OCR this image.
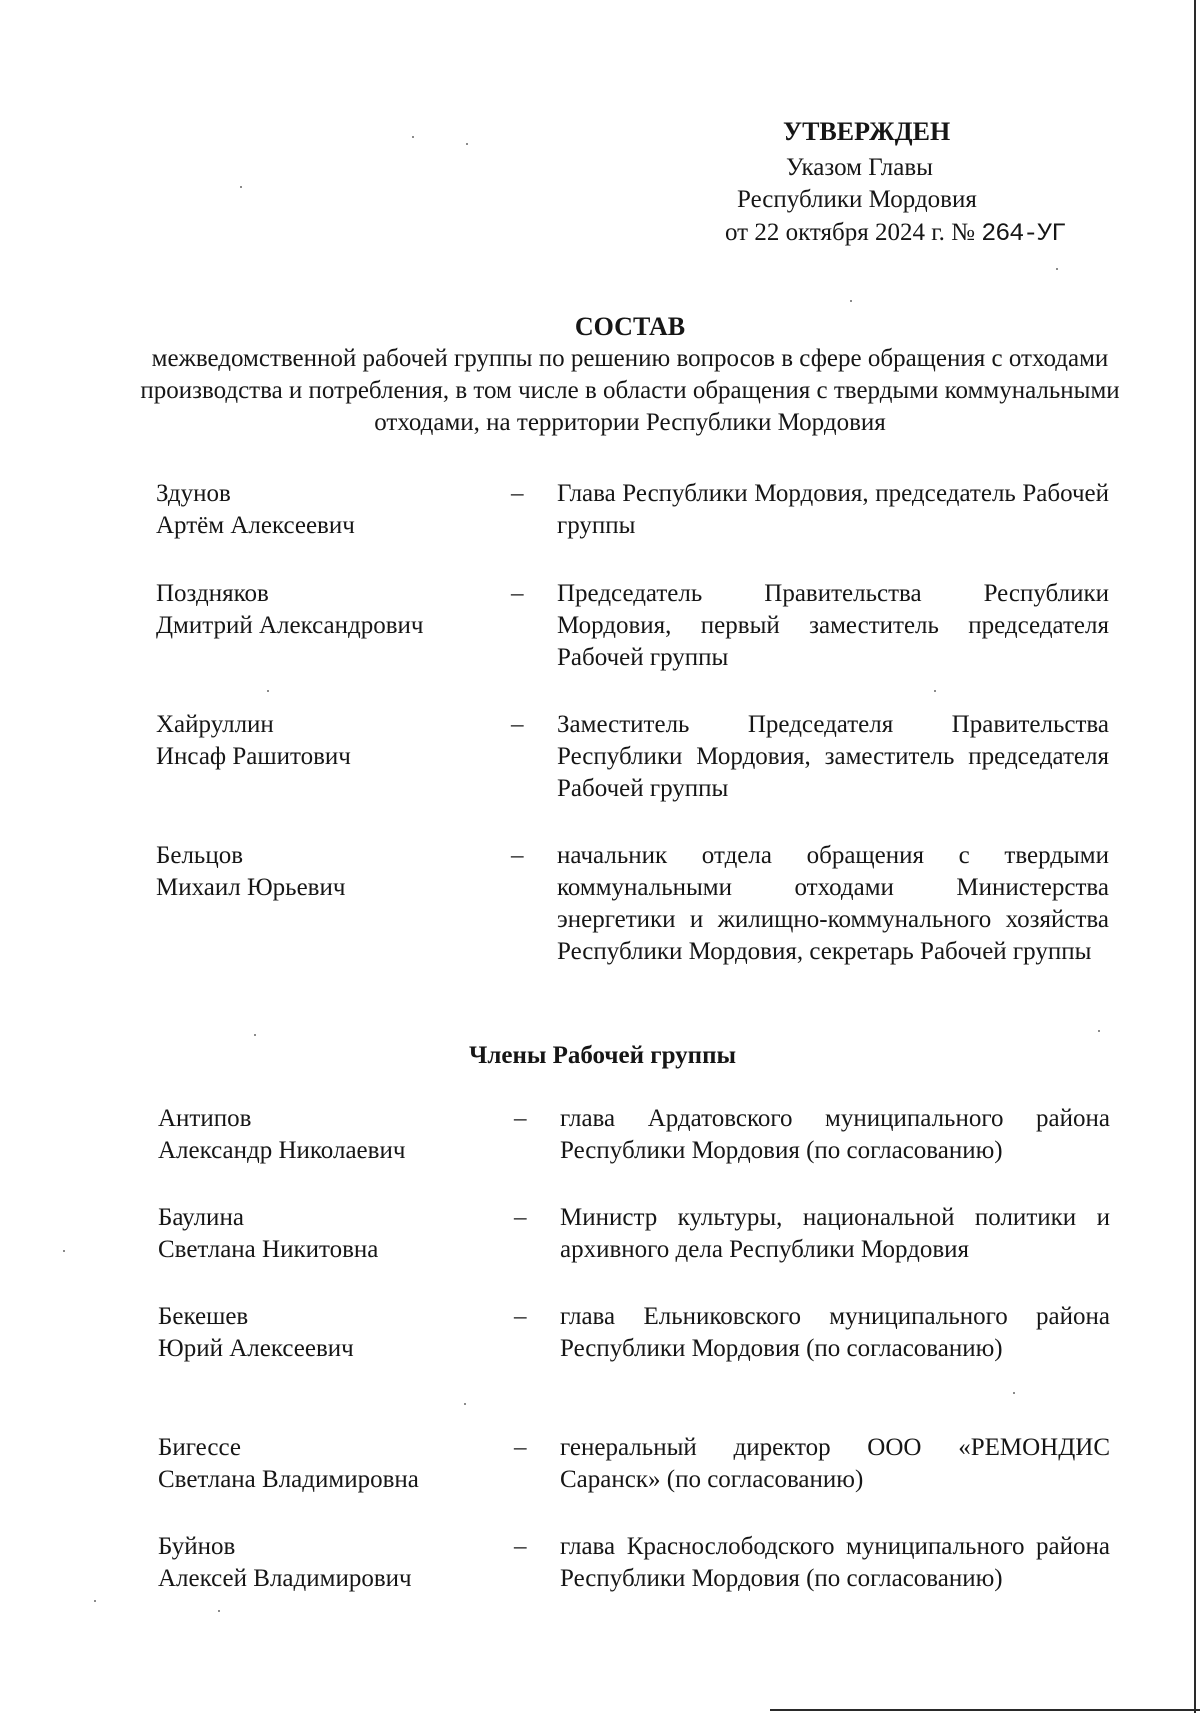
УТВЕРЖДЕН
Указом Главы
Республики Мордовия
от 22 октября 2024 г. № 264-УГ
СОСТАВ
межведомственной рабочей группы по решению вопросов в сфере обращения с отходами производства и потребления, в том числе в области обращения с твердыми коммунальными отходами, на территории Республики Мордовия
Здунов
Артём Алексеевич
– Глава Республики Мордовия, председатель Рабочей группы
Поздняков
Дмитрий Александрович
– Председатель Правительства Республики Мордовия, первый заместитель председателя Рабочей группы
Хайруллин
Инсаф Рашитович
– Заместитель Председателя Правительства Республики Мордовия, заместитель председателя Рабочей группы
Бельцов
Михаил Юрьевич
– начальник отдела обращения с твердыми коммунальными отходами Министерства энергетики и жилищно-коммунального хозяйства Республики Мордовия, секретарь Рабочей группы
Члены Рабочей группы
Антипов
Александр Николаевич
– глава Ардатовского муниципального района Республики Мордовия (по согласованию)
Баулина
Светлана Никитовна
– Министр культуры, национальной политики и архивного дела Республики Мордовия
Бекешев
Юрий Алексеевич
– глава Ельниковского муниципального района Республики Мордовия (по согласованию)
Бигессе
Светлана Владимировна
– генеральный директор ООО «РЕМОНДИС Саранск» (по согласованию)
Буйнов
Алексей Владимирович
– глава Краснослободского муниципального района Республики Мордовия (по согласованию)
